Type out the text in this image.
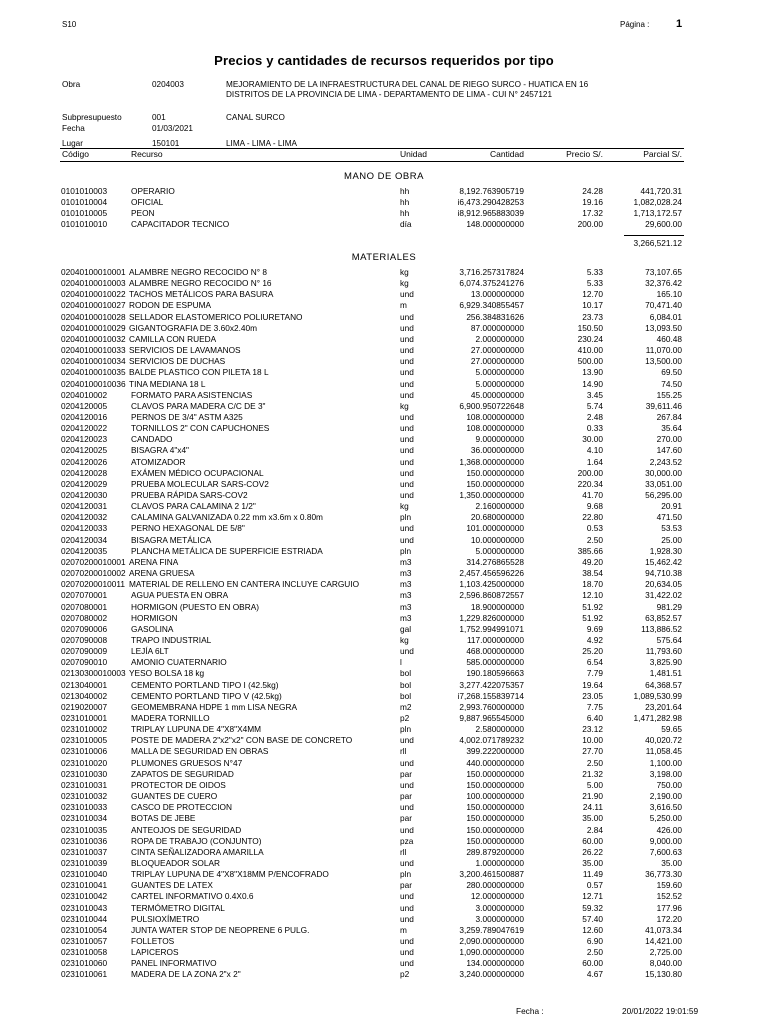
S10	Página : 1
Precios y cantidades de recursos requeridos por tipo
Obra	0204003	MEJORAMIENTO DE LA INFRAESTRUCTURA DEL CANAL DE RIEGO SURCO - HUATICA EN 16 DISTRITOS DE LA PROVINCIA DE LIMA - DEPARTAMENTO DE LIMA - CUI N° 2457121
Subpresupuesto	001	CANAL SURCO
Fecha	01/03/2021
Lugar	150101	LIMA - LIMA - LIMA
Código	Recurso	Unidad	Cantidad	Precio S/.	Parcial S/.
MANO DE OBRA
0101010003	OPERARIO	hh	8,192.763905719	24.28	441,720.31
0101010004	OFICIAL	hh	i6,473.290428253	19.16	1,082,028.24
0101010005	PEON	hh	i8,912.965883039	17.32	1,713,172.57
0101010010	CAPACITADOR TECNICO	día	148.000000000	200.00	29,600.00
3,266,521.12
MATERIALES
02040100010001 ALAMBRE NEGRO RECOCIDO N° 8	kg	3,716.257317824	5.33	73,107.65
02040100010003 ALAMBRE NEGRO RECOCIDO N° 16	kg	6,074.375241276	5.33	32,376.42
02040100010022 TACHOS METÁLICOS PARA BASURA	und	13.000000000	12.70	165.10
02040100010027 RODON DE ESPUMA	m	6,929.340855457	10.17	70,471.40
02040100010028 SELLADOR ELASTOMERICO POLIURETANO	und	256.384831626	23.73	6,084.01
02040100010029 GIGANTOGRAFIA DE 3.60x2.40m	und	87.000000000	150.50	13,093.50
02040100010032 CAMILLA CON RUEDA	und	2.000000000	230.24	460.48
02040100010033 SERVICIOS DE LAVAMANOS	und	27.000000000	410.00	11,070.00
02040100010034 SERVICIOS DE DUCHAS	und	27.000000000	500.00	13,500.00
02040100010035 BALDE PLASTICO CON PILETA 18 L	und	5.000000000	13.90	69.50
02040100010036 TINA MEDIANA 18 L	und	5.000000000	14.90	74.50
0204010002	FORMATO PARA ASISTENCIAS	und	45.000000000	3.45	155.25
0204120005	CLAVOS PARA MADERA C/C DE 3"	kg	6,900.950722648	5.74	39,611.46
0204120016	PERNOS DE 3/4" ASTM A325	und	108.000000000	2.48	267.84
0204120022	TORNILLOS 2" CON CAPUCHONES	und	108.000000000	0.33	35.64
0204120023	CANDADO	und	9.000000000	30.00	270.00
0204120025	BISAGRA 4"x4"	und	36.000000000	4.10	147.60
0204120026	ATOMIZADOR	und	1,368.000000000	1.64	2,243.52
0204120028	EXÁMEN MÉDICO OCUPACIONAL	und	150.000000000	200.00	30,000.00
0204120029	PRUEBA MOLECULAR SARS-COV2	und	150.000000000	220.34	33,051.00
0204120030	PRUEBA RÁPIDA SARS-COV2	und	1,350.000000000	41.70	56,295.00
0204120031	CLAVOS PARA CALAMINA 2 1/2"	kg	2.160000000	9.68	20.91
0204120032	CALAMINA GALVANIZADA 0.22 mm x3.6m x 0.80m	pln	20.680000000	22.80	471.50
0204120033	PERNO HEXAGONAL DE 5/8"	und	101.000000000	0.53	53.53
0204120034	BISAGRA METÁLICA	und	10.000000000	2.50	25.00
0204120035	PLANCHA METÁLICA DE SUPERFICIE ESTRIADA	pln	5.000000000	385.66	1,928.30
02070200010001 ARENA FINA	m3	314.276865528	49.20	15,462.42
02070200010002 ARENA GRUESA	m3	2,457.456596226	38.54	94,710.38
02070200010011 MATERIAL DE RELLENO EN CANTERA INCLUYE CARGUIO	m3	1,103.425000000	18.70	20,634.05
0207070001	AGUA PUESTA EN OBRA	m3	2,596.860872557	12.10	31,422.02
0207080001	HORMIGON (PUESTO EN OBRA)	m3	18.900000000	51.92	981.29
0207080002	HORMIGON	m3	1,229.826000000	51.92	63,852.57
0207090006	GASOLINA	gal	1,752.994991071	9.69	113,886.52
0207090008	TRAPO INDUSTRIAL	kg	117.000000000	4.92	575.64
0207090009	LEJÍA 6LT	und	468.000000000	25.20	11,793.60
0207090010	AMONIO CUATERNARIO	l	585.000000000	6.54	3,825.90
02130300010003 YESO BOLSA 18 kg	bol	190.180596663	7.79	1,481.51
0213040001	CEMENTO PORTLAND TIPO I (42.5kg)	bol	3,277.422075357	19.64	64,368.57
0213040002	CEMENTO PORTLAND TIPO V (42.5kg)	bol	i7,268.155839714	23.05	1,089,530.99
0219020007	GEOMEMBRANA HDPE 1 mm LISA NEGRA	m2	2,993.760000000	7.75	23,201.64
0231010001	MADERA TORNILLO	p2	9,887.965545000	6.40	1,471,282.98
0231010002	TRIPLAY LUPUNA DE 4"X8"X4MM	pln	2.580000000	23.12	59.65
0231010005	POSTE DE MADERA 2"x2"x2" CON BASE DE CONCRETO	und	4,002.071789232	10.00	40,020.72
0231010006	MALLA DE SEGURIDAD EN OBRAS	rll	399.222000000	27.70	11,058.45
0231010020	PLUMONES GRUESOS N°47	und	440.000000000	2.50	1,100.00
0231010030	ZAPATOS DE SEGURIDAD	par	150.000000000	21.32	3,198.00
0231010031	PROTECTOR DE OIDOS	und	150.000000000	5.00	750.00
0231010032	GUANTES DE CUERO	par	100.000000000	21.90	2,190.00
0231010033	CASCO DE PROTECCION	und	150.000000000	24.11	3,616.50
0231010034	BOTAS DE JEBE	par	150.000000000	35.00	5,250.00
0231010035	ANTEOJOS DE SEGURIDAD	und	150.000000000	2.84	426.00
0231010036	ROPA DE TRABAJO (CONJUNTO)	pza	150.000000000	60.00	9,000.00
0231010037	CINTA SEÑALIZADORA AMARILLA	rll	289.879200000	26.22	7,600.63
0231010039	BLOQUEADOR SOLAR	und	1.000000000	35.00	35.00
0231010040	TRIPLAY LUPUNA DE 4"X8"X18MM P/ENCOFRADO	pln	3,200.461500887	11.49	36,773.30
0231010041	GUANTES DE LATEX	par	280.000000000	0.57	159.60
0231010042	CARTEL INFORMATIVO 0.4X0.6	und	12.000000000	12.71	152.52
0231010043	TERMÓMETRO DIGITAL	und	3.000000000	59.32	177.96
0231010044	PULSIOXÍMETRO	und	3.000000000	57.40	172.20
0231010054	JUNTA WATER STOP DE NEOPRENE 6 PULG.	m	3,259.789047619	12.60	41,073.34
0231010057	FOLLETOS	und	2,090.000000000	6.90	14,421.00
0231010058	LAPICEROS	und	1,090.000000000	2.50	2,725.00
0231010060	PANEL INFORMATIVO	und	134.000000000	60.00	8,040.00
0231010061	MADERA DE LA ZONA 2"x 2"	p2	3,240.000000000	4.67	15,130.80
Fecha :	20/01/2022 19:01:59
